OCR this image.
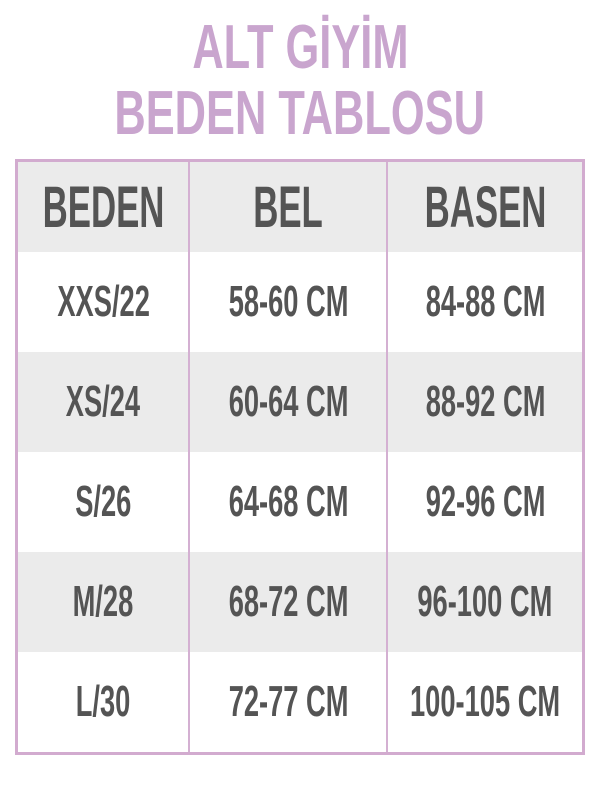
ALT GİYİM
BEDEN TABLOSU
BEDEN BEL BASEN
XXS/22 58-60 CM 84-88 CM
XS/24 60-64 CM 88-92 CM
S/26 64-68 CM 92-96 CM
M/28 68-72 CM 96-100 CM
L/30 72-77 CM 100-105 CM
